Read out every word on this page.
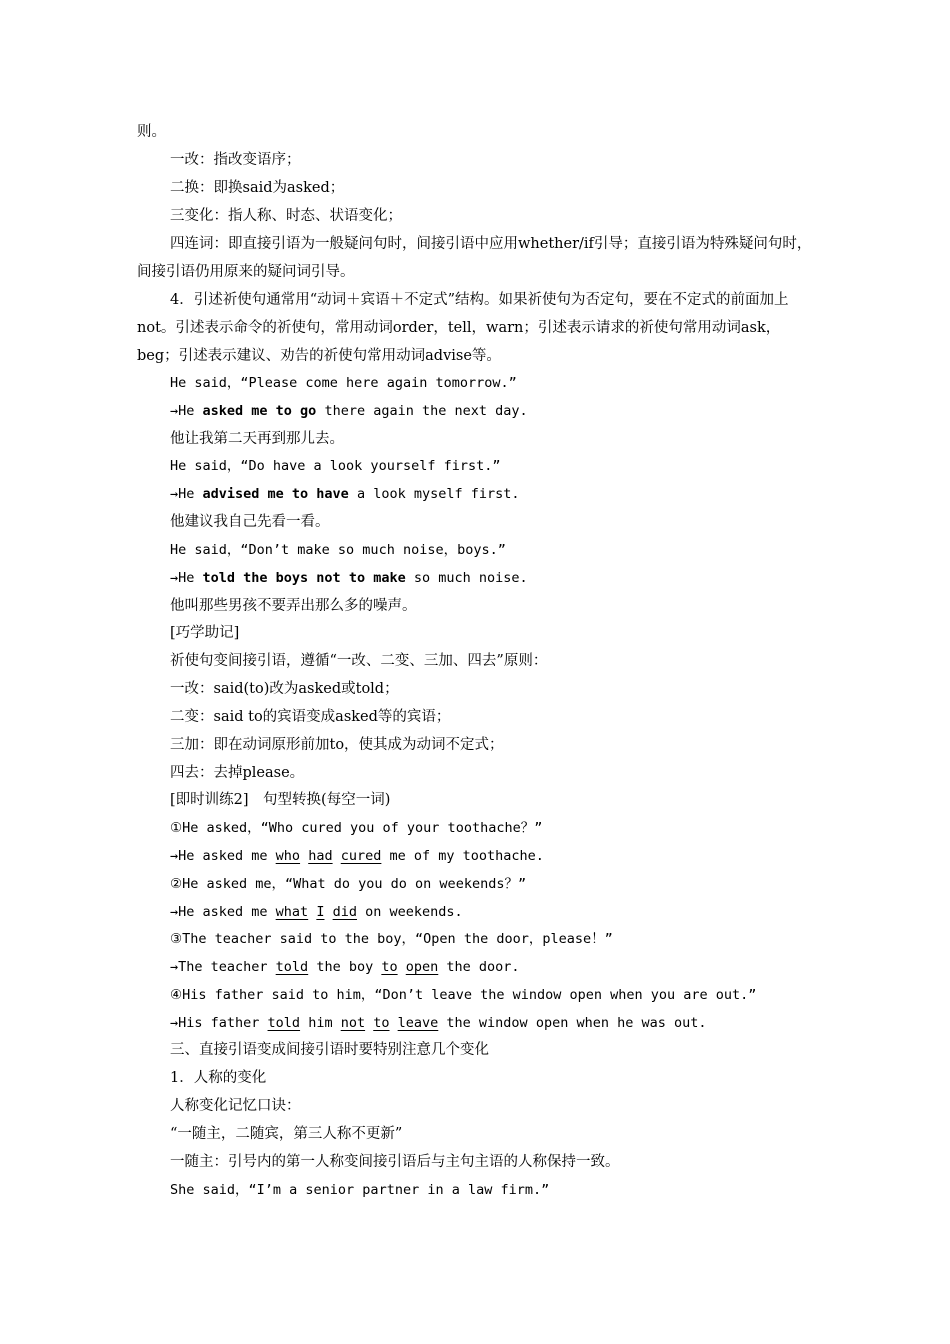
则。
一改：指改变语序；
二换：即换said为asked；
三变化：指人称、时态、状语变化；
四连词：即直接引语为一般疑问句时，间接引语中应用whether/if引导；直接引语为特殊疑问句时，间接引语仍用原来的疑问词引导。
4．引述祈使句通常用“动词＋宾语＋不定式”结构。如果祈使句为否定句，要在不定式的前面加上not。引述表示命令的祈使句，常用动词order，tell，warn；引述表示请求的祈使句常用动词ask，beg；引述表示建议、劝告的祈使句常用动词advise等。
He said，“Please come here again tomorrow.”
→He asked me to go there again the next day.
他让我第二天再到那儿去。
He said，“Do have a look yourself first.”
→He advised me to have a look myself first.
他建议我自己先看一看。
He said，“Don’t make so much noise，boys.”
→He told the boys not to make so much noise.
他叫那些男孩不要弄出那么多的噪声。
[巧学助记]
祈使句变间接引语，遵循“一改、二变、三加、四去”原则：
一改：said(to)改为asked或told；
二变：said to的宾语变成asked等的宾语；
三加：即在动词原形前加to，使其成为动词不定式；
四去：去掉please。
[即时训练2]　句型转换(每空一词)
①He asked，“Who cured you of your toothache？”
→He asked me who had cured me of my toothache.
②He asked me，“What do you do on weekends？”
→He asked me what I did on weekends.
③The teacher said to the boy，“Open the door，please！”
→The teacher told the boy to open the door.
④His father said to him，“Don’t leave the window open when you are out.”
→His father told him not to leave the window open when he was out.
三、直接引语变成间接引语时要特别注意几个变化
1．人称的变化
人称变化记忆口诀：
“一随主，二随宾，第三人称不更新”
一随主：引号内的第一人称变间接引语后与主句主语的人称保持一致。
She said，“I’m a senior partner in a law firm.”
